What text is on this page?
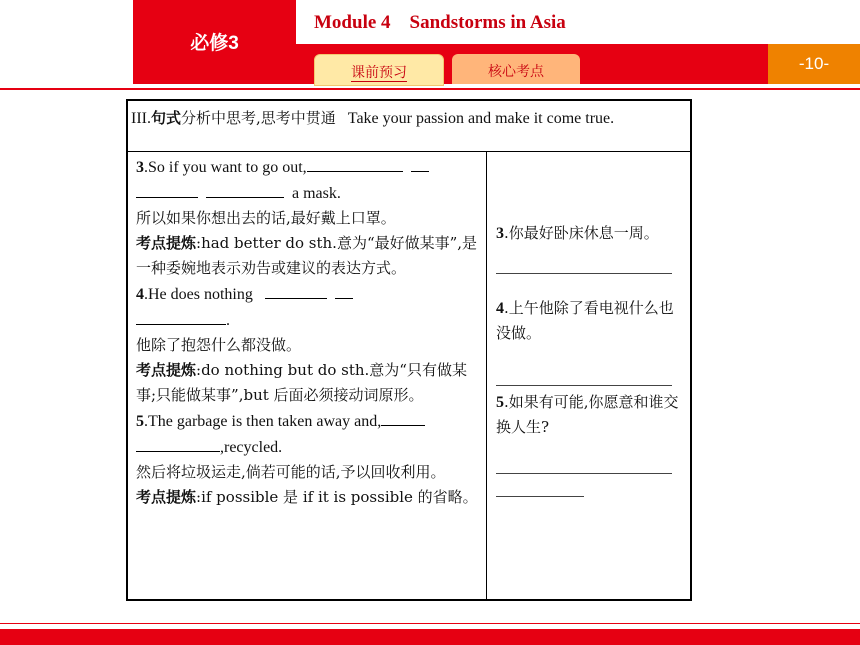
必修3
Module 4    Sandstorms in Asia
-10-
课前预习	核心考点
III.句式分析中思考,思考中贯通 Take your passion and make it come true.

3.So if you want to go out,
a mask.

所以如果你想出去的话,最好戴上口罩。

考点提炼:had better do sth.意为“最好做某事”,是一种委婉地表示劝告或建议的表达方式。

4.He does nothing
.

他除了抱怨什么都没做。

考点提炼:do nothing but do sth.意为“只有做某事;只能做某事”,but 后面必须接动词原形。

5.The garbage is then taken away and,
,recycled.

然后将垃圾运走,倘若可能的话,予以回收利用。

考点提炼:if possible 是 if it is possible 的省略。

3.你最好卧床休息一周。

4.上午他除了看电视什么也没做。

5.如果有可能,你愿意和谁交换人生?
